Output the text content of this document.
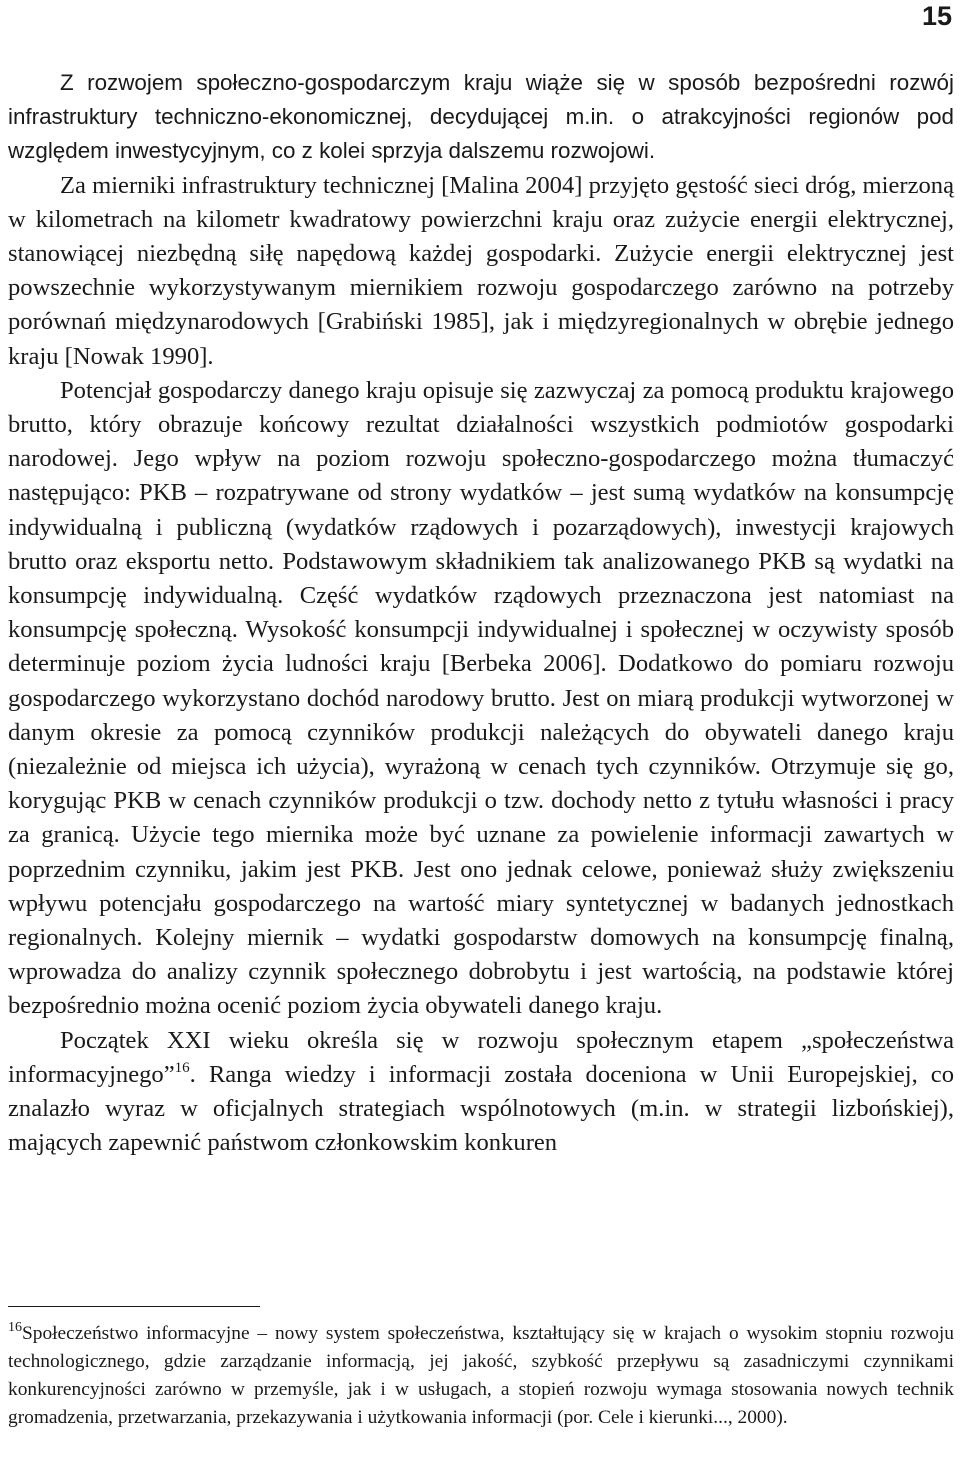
15

Z rozwojem społeczno-gospodarczym kraju wiąże się w sposób bezpośredni rozwój infrastruktury techniczno-ekonomicznej, decydującej m.in. o atrakcyjności regionów pod względem inwestycyjnym, co z kolei sprzyja dalszemu rozwojowi.

Za mierniki infrastruktury technicznej [Malina 2004] przyjęto gęstość sieci dróg, mierzoną w kilometrach na kilometr kwadratowy powierzchni kraju oraz zużycie energii elektrycznej, stanowiącej niezbędną siłę napędową każdej gospodarki. Zużycie energii elektrycznej jest powszechnie wykorzystywanym miernikiem rozwoju gospodarczego zarówno na potrzeby porównań międzynarodowych [Grabiński 1985], jak i międzyregionalnych w obrębie jednego kraju [Nowak 1990].

Potencjał gospodarczy danego kraju opisuje się zazwyczaj za pomocą produktu krajowego brutto, który obrazuje końcowy rezultat działalności wszystkich podmiotów gospodarki narodowej. Jego wpływ na poziom rozwoju społeczno-gospodarczego można tłumaczyć następująco: PKB – rozpatrywane od strony wydatków – jest sumą wydatków na konsumpcję indywidualną i publiczną (wydatków rządowych i pozarządowych), inwestycji krajowych brutto oraz eksportu netto. Podstawowym składnikiem tak analizowanego PKB są wydatki na konsumpcję indywidualną. Część wydatków rządowych przeznaczona jest natomiast na konsumpcję społeczną. Wysokość konsumpcji indywidualnej i społecznej w oczywisty sposób determinuje poziom życia ludności kraju [Berbeka 2006]. Dodatkowo do pomiaru rozwoju gospodarczego wykorzystano dochód narodowy brutto. Jest on miarą produkcji wytworzonej w danym okresie za pomocą czynników produkcji należących do obywateli danego kraju (niezależnie od miejsca ich użycia), wyrażoną w cenach tych czynników. Otrzymuje się go, korygując PKB w cenach czynników produkcji o tzw. dochody netto z tytułu własności i pracy za granicą. Użycie tego miernika może być uznane za powielenie informacji zawartych w poprzednim czynniku, jakim jest PKB. Jest ono jednak celowe, ponieważ służy zwiększeniu wpływu potencjału gospodarczego na wartość miary syntetycznej w badanych jednostkach regionalnych. Kolejny miernik – wydatki gospodarstw domowych na konsumpcję finalną, wprowadza do analizy czynnik społecznego dobrobytu i jest wartością, na podstawie której bezpośrednio można ocenić poziom życia obywateli danego kraju.

Początek XXI wieku określa się w rozwoju społecznym etapem „społeczeństwa informacyjnego”$^{16}$. Ranga wiedzy i informacji została doceniona w Unii Europejskiej, co znalazło wyraz w oficjalnych strategiach wspólnotowych (m.in. w strategii lizbońskiej), mających zapewnić państwom członkowskim konkuren

$^{16}$Społeczeństwo informacyjne – nowy system społeczeństwa, kształtujący się w krajach o wysokim stopniu rozwoju technologicznego, gdzie zarządzanie informacją, jej jakość, szybkość przepływu są zasadniczymi czynnikami konkurencyjności zarówno w przemyśle, jak i w usługach, a stopień rozwoju wymaga stosowania nowych technik gromadzenia, przetwarzania, przekazywania i użytkowania informacji (por. Cele i kierunki..., 2000).
